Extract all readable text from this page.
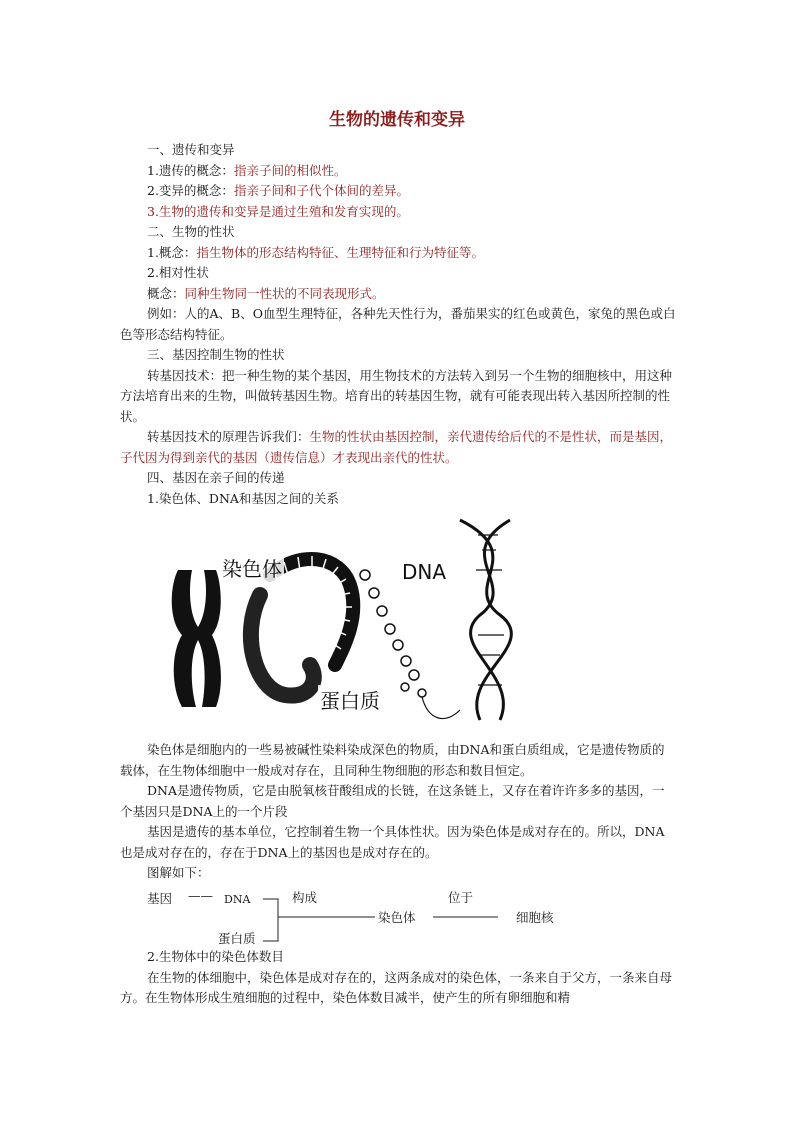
生物的遗传和变异
一、遗传和变异
1.遗传的概念：指亲子间的相似性。
2.变异的概念：指亲子间和子代个体间的差异。
3.生物的遗传和变异是通过生殖和发育实现的。
二、生物的性状
1.概念：指生物体的形态结构特征、生理特征和行为特征等。
2.相对性状
概念：同种生物同一性状的不同表现形式。
例如：人的A、B、O血型生理特征，各种先天性行为，番茄果实的红色或黄色，家兔的黑色或白色等形态结构特征。
三、基因控制生物的性状
转基因技术：把一种生物的某个基因，用生物技术的方法转入到另一个生物的细胞核中，用这种方法培育出来的生物，叫做转基因生物。培育出的转基因生物，就有可能表现出转入基因所控制的性状。
转基因技术的原理告诉我们：生物的性状由基因控制，亲代遗传给后代的不是性状，而是基因，子代因为得到亲代的基因（遗传信息）才表现出亲代的性状。
四、基因在亲子间的传递
1.染色体、DNA和基因之间的关系
染色体	DNA
蛋白质
染色体是细胞内的一些易被碱性染料染成深色的物质，由DNA和蛋白质组成，它是遗传物质的载体，在生物体细胞中一般成对存在，且同种生物细胞的形态和数目恒定。
DNA是遗传物质，它是由脱氧核苷酸组成的长链，在这条链上，又存在着许许多多的基因，一个基因只是DNA上的一个片段
基因是遗传的基本单位，它控制着生物一个具体性状。因为染色体是成对存在的。所以，DNA也是成对存在的，存在于DNA上的基因也是成对存在的。
图解如下：
基因 —— DNA
蛋白质
构成
染色体
位于
细胞核
2.生物体中的染色体数目
在生物的体细胞中，染色体是成对存在的，这两条成对的染色体，一条来自于父方，一条来自母方。在生物体形成生殖细胞的过程中，染色体数目减半，使产生的所有卵细胞和精
